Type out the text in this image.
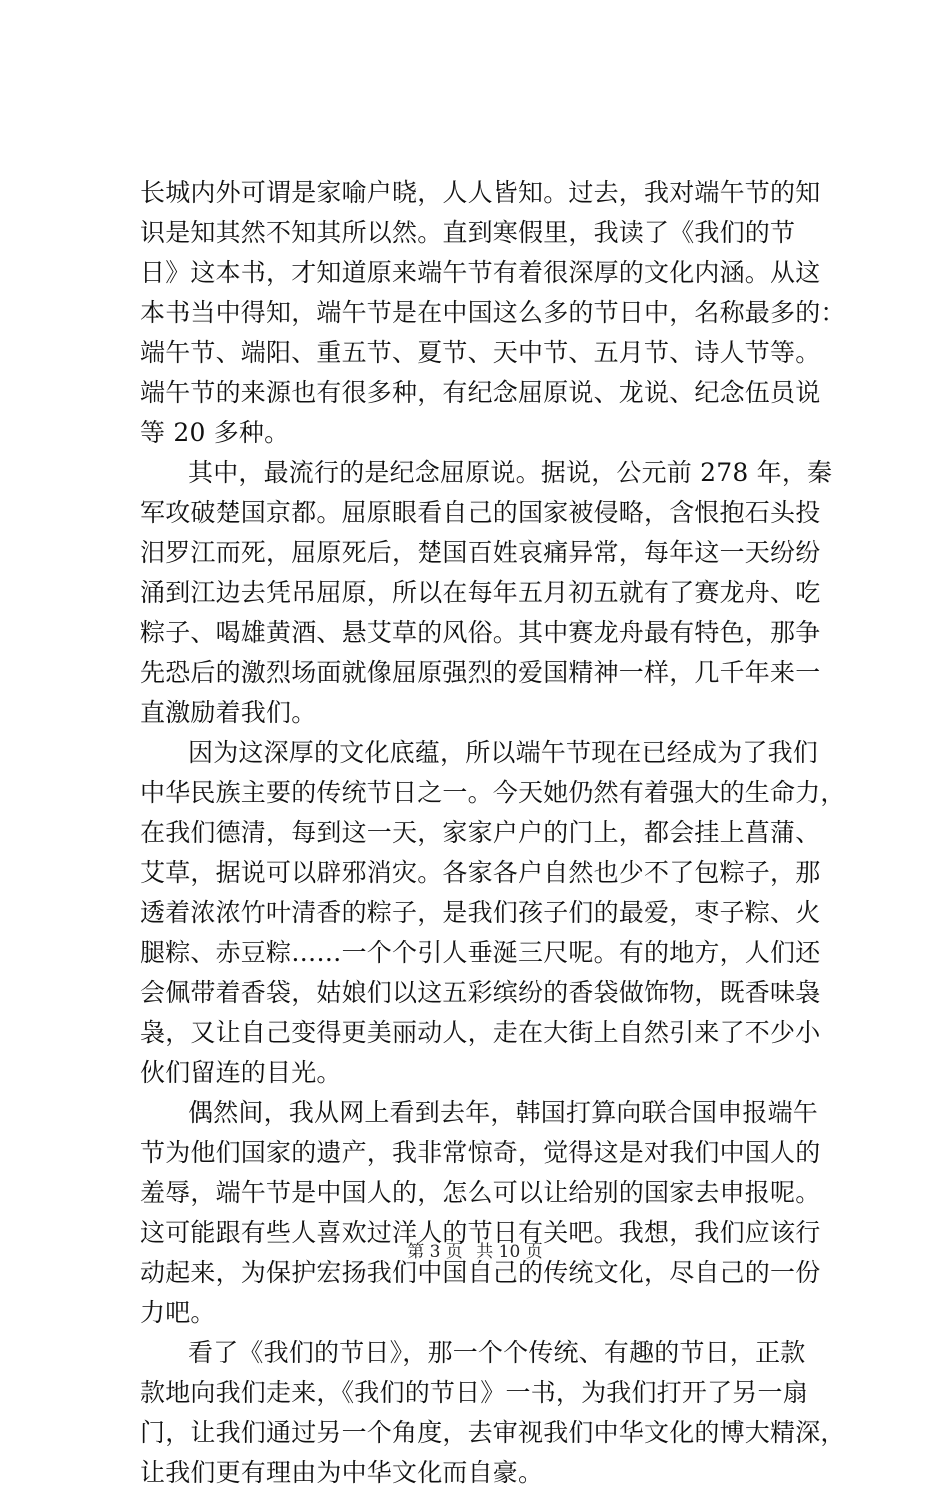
长城内外可谓是家喻户晓，人人皆知。过去，我对端午节的知
识是知其然不知其所以然。直到寒假里，我读了《我们的节
日》这本书，才知道原来端午节有着很深厚的文化内涵。从这
本书当中得知，端午节是在中国这么多的节日中，名称最多的：
端午节、端阳、重五节、夏节、天中节、五月节、诗人节等。
端午节的来源也有很多种，有纪念屈原说、龙说、纪念伍员说
等 20 多种。
其中，最流行的是纪念屈原说。据说，公元前 278 年，秦
军攻破楚国京都。屈原眼看自己的国家被侵略，含恨抱石头投
汨罗江而死，屈原死后，楚国百姓哀痛异常，每年这一天纷纷
涌到江边去凭吊屈原，所以在每年五月初五就有了赛龙舟、吃
粽子、喝雄黄酒、悬艾草的风俗。其中赛龙舟最有特色，那争
先恐后的激烈场面就像屈原强烈的爱国精神一样，几千年来一
直激励着我们。
因为这深厚的文化底蕴，所以端午节现在已经成为了我们
中华民族主要的传统节日之一。今天她仍然有着强大的生命力，
在我们德清，每到这一天，家家户户的门上，都会挂上菖蒲、
艾草，据说可以辟邪消灾。各家各户自然也少不了包粽子，那
透着浓浓竹叶清香的粽子，是我们孩子们的最爱，枣子粽、火
腿粽、赤豆粽……一个个引人垂涎三尺呢。有的地方，人们还
会佩带着香袋，姑娘们以这五彩缤纷的香袋做饰物，既香味袅
袅，又让自己变得更美丽动人，走在大街上自然引来了不少小
伙们留连的目光。
偶然间，我从网上看到去年，韩国打算向联合国申报端午
节为他们国家的遗产，我非常惊奇，觉得这是对我们中国人的
羞辱，端午节是中国人的，怎么可以让给别的国家去申报呢。
这可能跟有些人喜欢过洋人的节日有关吧。我想，我们应该行
动起来，为保护宏扬我们中国自己的传统文化，尽自己的一份
力吧。
看了《我们的节日》，那一个个传统、有趣的节日，正款
款地向我们走来，《我们的节日》一书，为我们打开了另一扇
门，让我们通过另一个角度，去审视我们中华文化的博大精深，
让我们更有理由为中华文化而自豪。
第 3 页 共 10 页
